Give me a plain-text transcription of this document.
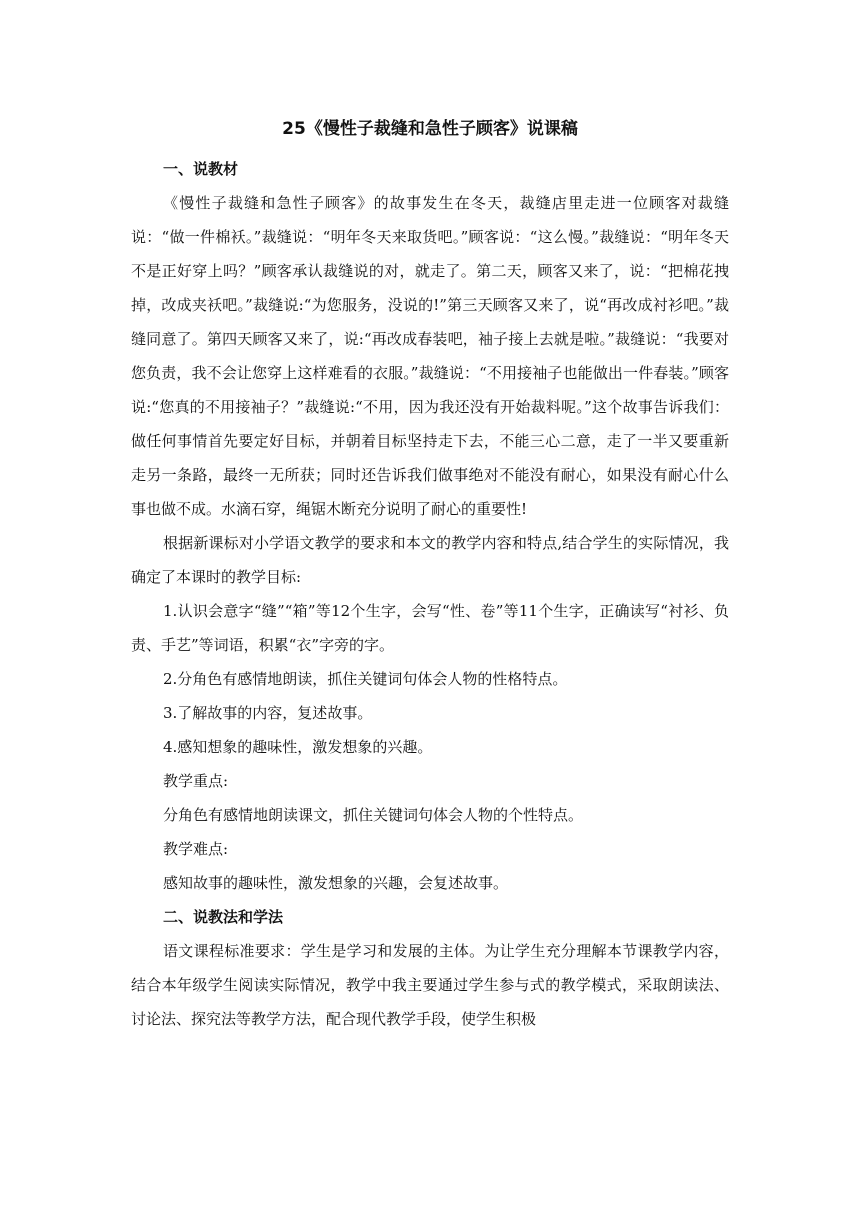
25《慢性子裁缝和急性子顾客》说课稿
一、说教材

《慢性子裁缝和急性子顾客》的故事发生在冬天，裁缝店里走进一位顾客对裁缝说：“做一件棉袄。”裁缝说：“明年冬天来取货吧。”顾客说：“这么慢。”裁缝说：“明年冬天不是正好穿上吗？”顾客承认裁缝说的对，就走了。第二天，顾客又来了，说：“把棉花拽掉，改成夹袄吧。”裁缝说:“为您服务，没说的!”第三天顾客又来了，说“再改成衬衫吧。”裁缝同意了。第四天顾客又来了，说:“再改成春装吧，袖子接上去就是啦。”裁缝说：“我要对您负责，我不会让您穿上这样难看的衣服。”裁缝说：“不用接袖子也能做出一件春装。”顾客说:“您真的不用接袖子？”裁缝说:“不用，因为我还没有开始裁料呢。”这个故事告诉我们：做任何事情首先要定好目标，并朝着目标坚持走下去，不能三心二意，走了一半又要重新走另一条路，最终一无所获；同时还告诉我们做事绝对不能没有耐心，如果没有耐心什么事也做不成。水滴石穿，绳锯木断充分说明了耐心的重要性!

根据新课标对小学语文教学的要求和本文的教学内容和特点,结合学生的实际情况，我确定了本课时的教学目标:

1.认识会意字“缝”“箱”等12个生字，会写“性、卷”等11个生字，正确读写“衬衫、负责、手艺”等词语，积累“衣”字旁的字。

2.分角色有感情地朗读，抓住关键词句体会人物的性格特点。
3.了解故事的内容，复述故事。
4.感知想象的趣味性，激发想象的兴趣。
教学重点:
分角色有感情地朗读课文，抓住关键词句体会人物的个性特点。
教学难点:
感知故事的趣味性，激发想象的兴趣，会复述故事。
二、说教法和学法

语文课程标准要求：学生是学习和发展的主体。为让学生充分理解本节课教学内容，结合本年级学生阅读实际情况，教学中我主要通过学生参与式的教学模式，采取朗读法、讨论法、探究法等教学方法，配合现代教学手段，使学生积极
